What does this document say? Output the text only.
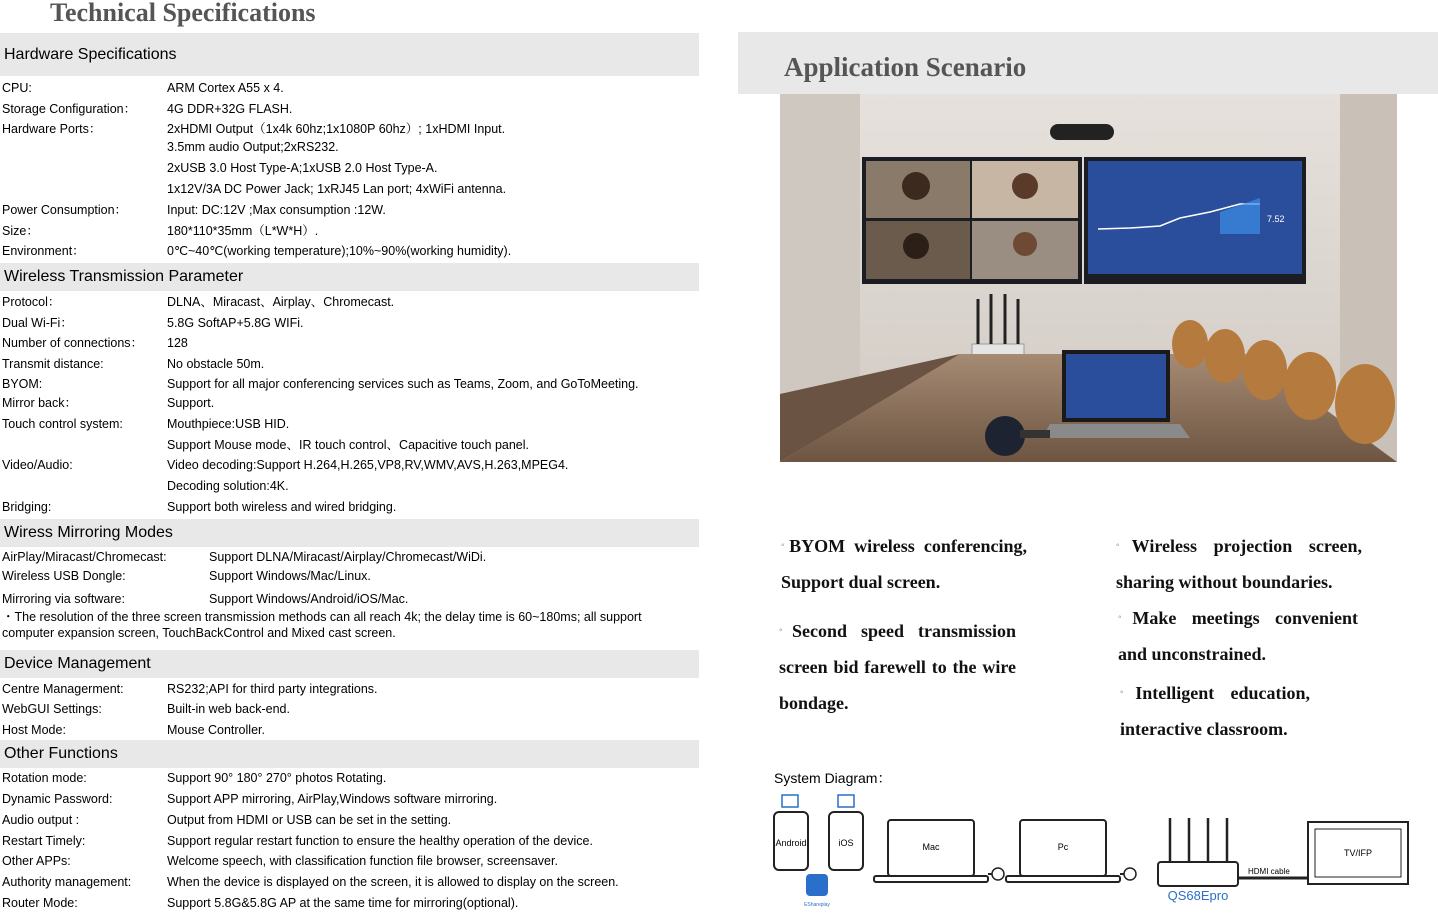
Technical Specifications
Hardware Specifications
CPU:	ARM Cortex A55 x 4.
Storage Configuration： 4G DDR+32G FLASH.
Hardware Ports：	2xHDMI Output（1x4k 60hz;1x1080P 60hz）; 1xHDMI Input.
3.5mm audio Output;2xRS232.
2xUSB 3.0 Host Type-A;1xUSB 2.0 Host Type-A.
1x12V/3A DC Power Jack; 1xRJ45 Lan port; 4xWiFi antenna.
Power Consumption：	Input: DC:12V ;Max consumption :12W.
Size：	180*110*35mm（L*W*H）.
Environment：	0℃~40℃(working temperature);10%~90%(working humidity).
Wireless Transmission Parameter
Protocol：	DLNA、Miracast、Airplay、Chromecast.
Dual Wi-Fi：	5.8G SoftAP+5.8G WIFi.
Number of connections： 128
Transmit distance:	No obstacle 50m.
BYOM:	Support for all major conferencing services such as Teams, Zoom, and GoToMeeting.
Mirror back：	Support.
Touch control system:	Mouthpiece:USB HID.
Support Mouse mode、IR touch control、Capacitive touch panel.
Video/Audio:	Video decoding:Support H.264,H.265,VP8,RV,WMV,AVS,H.263,MPEG4.
Decoding solution:4K.
Bridging:	Support both wireless and wired bridging.
Wiress Mirroring Modes
AirPlay/Miracast/Chromecast:	Support DLNA/Miracast/Airplay/Chromecast/WiDi.
Wireless USB Dongle:	Support Windows/Mac/Linux.
Mirroring via software:	Support Windows/Android/iOS/Mac.
・The resolution of the three screen transmission methods can all reach 4k; the delay time is 60~180ms; all support computer expansion screen, TouchBackControl and Mixed cast screen.
Device Management
Centre Managerment:	RS232;API for third party integrations.
WebGUI Settings:	Built-in web back-end.
Host Mode:	Mouse Controller.
Other Functions
Rotation mode:	Support 90° 180° 270° photos Rotating.
Dynamic Password:	Support APP mirroring, AirPlay,Windows software mirroring.
Audio output :	Output from HDMI or USB can be set in the setting.
Restart Timely:	Support regular restart function to ensure the healthy operation of the device.
Other APPs:	Welcome speech, with classification function file browser, screensaver.
Authority management:	When the device is displayed on the screen, it is allowed to display on the screen.
Router Mode:	Support 5.8G&5.8G AP at the same time for mirroring(optional).
Application Scenario
7.52
◦BYOM wireless conferencing, Support dual screen.
◦Second speed transmission screen bid farewell to the wire bondage.
◦Wireless projection screen, sharing without boundaries.
◦Make meetings convenient and unconstrained.
◦Intelligent education, interactive classroom.
System Diagram：
Android	iOS
EShareplay
Mac	Pc
QS68Epro
HDMI cable
TV/IFP
